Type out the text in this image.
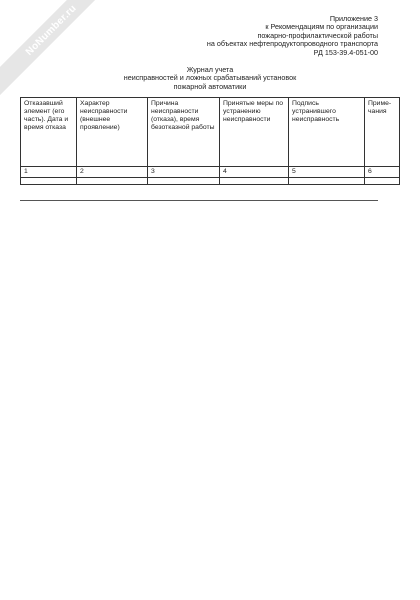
NoNumber.ru	Приложение 3
к Рекомендациям по организации
пожарно-профилактической работы
на объектах нефтепродуктопроводного транспорта
РД 153-39.4-051-00
Журнал учета
неисправностей и ложных срабатываний установок
пожарной автоматики
Отказавший элемент (его часть). Дата и время отказа	Характер неисправности (внешнее проявление)	Причина неисправности (отказа), время безотказной работы	Принятые меры по устранению неисправности	Подпись устранившего неисправность	Приме-чания
1	2	3	4	5	6
